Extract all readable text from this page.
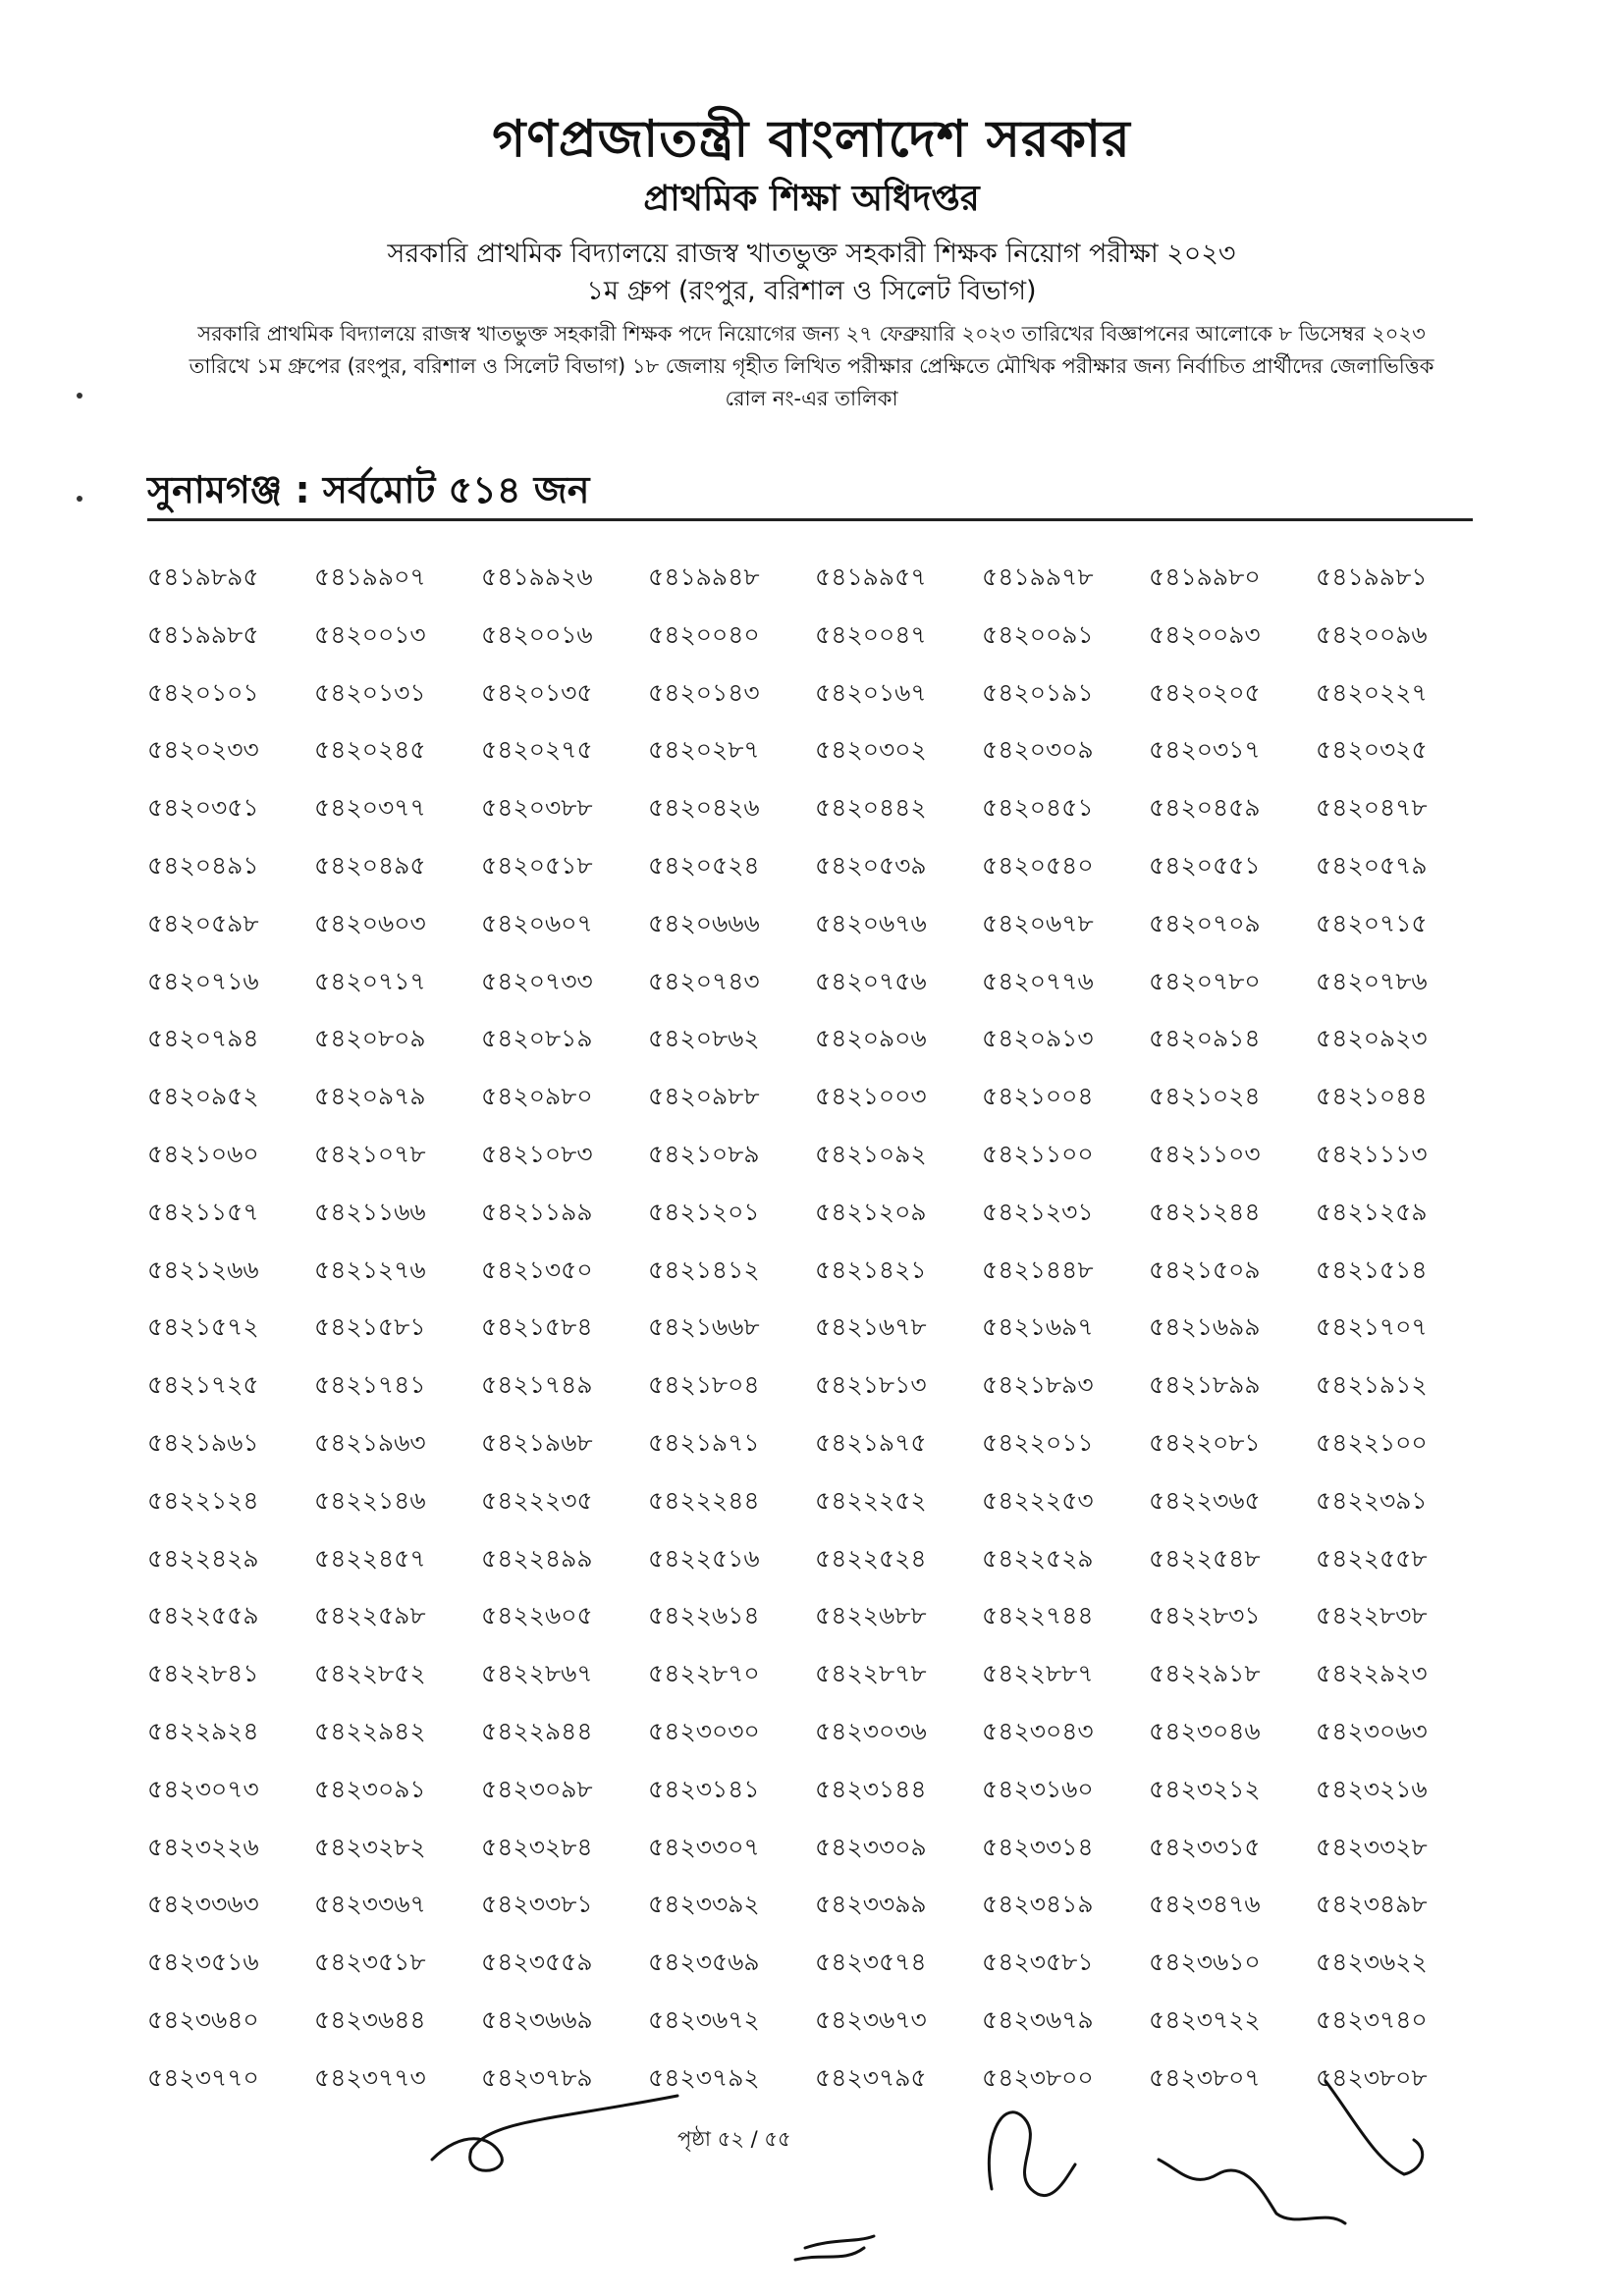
গণপ্রজাতন্ত্রী বাংলাদেশ সরকার
প্রাথমিক শিক্ষা অধিদপ্তর
সরকারি প্রাথমিক বিদ্যালয়ে রাজস্ব খাতভুক্ত সহকারী শিক্ষক নিয়োগ পরীক্ষা ২০২৩
১ম গ্রুপ (রংপুর, বরিশাল ও সিলেট বিভাগ)
সরকারি প্রাথমিক বিদ্যালয়ে রাজস্ব খাতভুক্ত সহকারী শিক্ষক পদে নিয়োগের জন্য ২৭ ফেব্রুয়ারি ২০২৩ তারিখের বিজ্ঞাপনের আলোকে ৮ ডিসেম্বর ২০২৩ তারিখে ১ম গ্রুপের (রংপুর, বরিশাল ও সিলেট বিভাগ) ১৮ জেলায় গৃহীত লিখিত পরীক্ষার প্রেক্ষিতে মৌখিক পরীক্ষার জন্য নির্বাচিত প্রার্থীদের জেলাভিত্তিক রোল নং-এর তালিকা
সুনামগঞ্জ : সর্বমোট ৫১৪ জন
৫৪১৯৮৯৫	৫৪১৯৯০৭	৫৪১৯৯২৬	৫৪১৯৯৪৮	৫৪১৯৯৫৭	৫৪১৯৯৭৮	৫৪১৯৯৮০	৫৪১৯৯৮১
৫৪১৯৯৮৫	৫৪২০০১৩	৫৪২০০১৬	৫৪২০০৪০	৫৪২০০৪৭	৫৪২০০৯১	৫৪২০০৯৩	৫৪২০০৯৬
৫৪২০১০১	৫৪২০১৩১	৫৪২০১৩৫	৫৪২০১৪৩	৫৪২০১৬৭	৫৪২০১৯১	৫৪২০২০৫	৫৪২০২২৭
৫৪২০২৩৩	৫৪২০২৪৫	৫৪২০২৭৫	৫৪২০২৮৭	৫৪২০৩০২	৫৪২০৩০৯	৫৪২০৩১৭	৫৪২০৩২৫
৫৪২০৩৫১	৫৪২০৩৭৭	৫৪২০৩৮৮	৫৪২০৪২৬	৫৪২০৪৪২	৫৪২০৪৫১	৫৪২০৪৫৯	৫৪২০৪৭৮
৫৪২০৪৯১	৫৪২০৪৯৫	৫৪২০৫১৮	৫৪২০৫২৪	৫৪২০৫৩৯	৫৪২০৫৪০	৫৪২০৫৫১	৫৪২০৫৭৯
৫৪২০৫৯৮	৫৪২০৬০৩	৫৪২০৬০৭	৫৪২০৬৬৬	৫৪২০৬৭৬	৫৪২০৬৭৮	৫৪২০৭০৯	৫৪২০৭১৫
৫৪২০৭১৬	৫৪২০৭১৭	৫৪২০৭৩৩	৫৪২০৭৪৩	৫৪২০৭৫৬	৫৪২০৭৭৬	৫৪২০৭৮০	৫৪২০৭৮৬
৫৪২০৭৯৪	৫৪২০৮০৯	৫৪২০৮১৯	৫৪২০৮৬২	৫৪২০৯০৬	৫৪২০৯১৩	৫৪২০৯১৪	৫৪২০৯২৩
৫৪২০৯৫২	৫৪২০৯৭৯	৫৪২০৯৮০	৫৪২০৯৮৮	৫৪২১০০৩	৫৪২১০০৪	৫৪২১০২৪	৫৪২১০৪৪
৫৪২১০৬০	৫৪২১০৭৮	৫৪২১০৮৩	৫৪২১০৮৯	৫৪২১০৯২	৫৪২১১০০	৫৪২১১০৩	৫৪২১১১৩
৫৪২১১৫৭	৫৪২১১৬৬	৫৪২১১৯৯	৫৪২১২০১	৫৪২১২০৯	৫৪২১২৩১	৫৪২১২৪৪	৫৪২১২৫৯
৫৪২১২৬৬	৫৪২১২৭৬	৫৪২১৩৫০	৫৪২১৪১২	৫৪২১৪২১	৫৪২১৪৪৮	৫৪২১৫০৯	৫৪২১৫১৪
৫৪২১৫৭২	৫৪২১৫৮১	৫৪২১৫৮৪	৫৪২১৬৬৮	৫৪২১৬৭৮	৫৪২১৬৯৭	৫৪২১৬৯৯	৫৪২১৭০৭
৫৪২১৭২৫	৫৪২১৭৪১	৫৪২১৭৪৯	৫৪২১৮০৪	৫৪২১৮১৩	৫৪২১৮৯৩	৫৪২১৮৯৯	৫৪২১৯১২
৫৪২১৯৬১	৫৪২১৯৬৩	৫৪২১৯৬৮	৫৪২১৯৭১	৫৪২১৯৭৫	৫৪২২০১১	৫৪২২০৮১	৫৪২২১০০
৫৪২২১২৪	৫৪২২১৪৬	৫৪২২২৩৫	৫৪২২২৪৪	৫৪২২২৫২	৫৪২২২৫৩	৫৪২২৩৬৫	৫৪২২৩৯১
৫৪২২৪২৯	৫৪২২৪৫৭	৫৪২২৪৯৯	৫৪২২৫১৬	৫৪২২৫২৪	৫৪২২৫২৯	৫৪২২৫৪৮	৫৪২২৫৫৮
৫৪২২৫৫৯	৫৪২২৫৯৮	৫৪২২৬০৫	৫৪২২৬১৪	৫৪২২৬৮৮	৫৪২২৭৪৪	৫৪২২৮৩১	৫৪২২৮৩৮
৫৪২২৮৪১	৫৪২২৮৫২	৫৪২২৮৬৭	৫৪২২৮৭০	৫৪২২৮৭৮	৫৪২২৮৮৭	৫৪২২৯১৮	৫৪২২৯২৩
৫৪২২৯২৪	৫৪২২৯৪২	৫৪২২৯৪৪	৫৪২৩০৩০	৫৪২৩০৩৬	৫৪২৩০৪৩	৫৪২৩০৪৬	৫৪২৩০৬৩
৫৪২৩০৭৩	৫৪২৩০৯১	৫৪২৩০৯৮	৫৪২৩১৪১	৫৪২৩১৪৪	৫৪২৩১৬০	৫৪২৩২১২	৫৪২৩২১৬
৫৪২৩২২৬	৫৪২৩২৮২	৫৪২৩২৮৪	৫৪২৩৩০৭	৫৪২৩৩০৯	৫৪২৩৩১৪	৫৪২৩৩১৫	৫৪২৩৩২৮
৫৪২৩৩৬৩	৫৪২৩৩৬৭	৫৪২৩৩৮১	৫৪২৩৩৯২	৫৪২৩৩৯৯	৫৪২৩৪১৯	৫৪২৩৪৭৬	৫৪২৩৪৯৮
৫৪২৩৫১৬	৫৪২৩৫১৮	৫৪২৩৫৫৯	৫৪২৩৫৬৯	৫৪২৩৫৭৪	৫৪২৩৫৮১	৫৪২৩৬১০	৫৪২৩৬২২
৫৪২৩৬৪০	৫৪২৩৬৪৪	৫৪২৩৬৬৯	৫৪২৩৬৭২	৫৪২৩৬৭৩	৫৪২৩৬৭৯	৫৪২৩৭২২	৫৪২৩৭৪০
৫৪২৩৭৭০	৫৪২৩৭৭৩	৫৪২৩৭৮৯	৫৪২৩৭৯২	৫৪২৩৭৯৫	৫৪২৩৮০০	৫৪২৩৮০৭	৫৪২৩৮০৮
পৃষ্ঠা ৫২ / ৫৫
